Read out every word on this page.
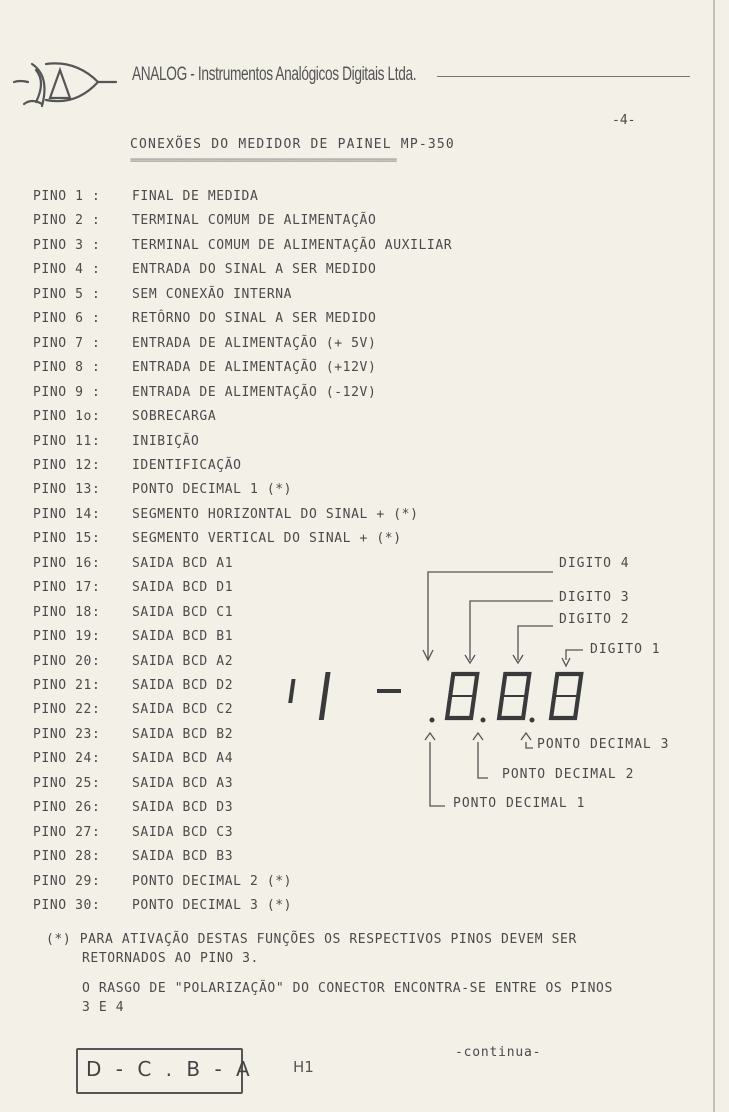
ANALOG - Instrumentos Analógicos Digitais Ltda.
-4-
CONEXÕES DO MEDIDOR DE PAINEL MP-350
=====================================================
PINO 1 : FINAL DE MEDIDA
PINO 2 : TERMINAL COMUM DE ALIMENTAÇÃO
PINO 3 : TERMINAL COMUM DE ALIMENTAÇÃO AUXILIAR
PINO 4 : ENTRADA DO SINAL A SER MEDIDO
PINO 5 : SEM CONEXÃO INTERNA
PINO 6 : RETÔRNO DO SINAL A SER MEDIDO
PINO 7 : ENTRADA DE ALIMENTAÇÃO (+ 5V)
PINO 8 : ENTRADA DE ALIMENTAÇÃO (+12V)
PINO 9 : ENTRADA DE ALIMENTAÇÃO (-12V)
PINO 1o: SOBRECARGA
PINO 11: INIBIÇÃO
PINO 12: IDENTIFICAÇÃO
PINO 13: PONTO DECIMAL 1 (*)
PINO 14: SEGMENTO HORIZONTAL DO SINAL + (*)
PINO 15: SEGMENTO VERTICAL DO SINAL + (*)
PINO 16: SAIDA BCD A1
PINO 17: SAIDA BCD D1
PINO 18: SAIDA BCD C1
PINO 19: SAIDA BCD B1
PINO 20: SAIDA BCD A2
PINO 21: SAIDA BCD D2
PINO 22: SAIDA BCD C2
PINO 23: SAIDA BCD B2
PINO 24: SAIDA BCD A4
PINO 25: SAIDA BCD A3
PINO 26: SAIDA BCD D3
PINO 27: SAIDA BCD C3
PINO 28: SAIDA BCD B3
PINO 29: PONTO DECIMAL 2 (*)
PINO 30: PONTO DECIMAL 3 (*)
DIGITO 4
DIGITO 3
DIGITO 2
DIGITO 1
PONTO DECIMAL 3
PONTO DECIMAL 2
PONTO DECIMAL 1
(*) PARA ATIVAÇÃO DESTAS FUNÇÕES OS RESPECTIVOS PINOS DEVEM SER
RETORNADOS AO PINO 3.
O RASGO DE "POLARIZAÇÃO" DO CONECTOR ENCONTRA-SE ENTRE OS PINOS
3 E 4
D - C . B - A	H1
-continua-
